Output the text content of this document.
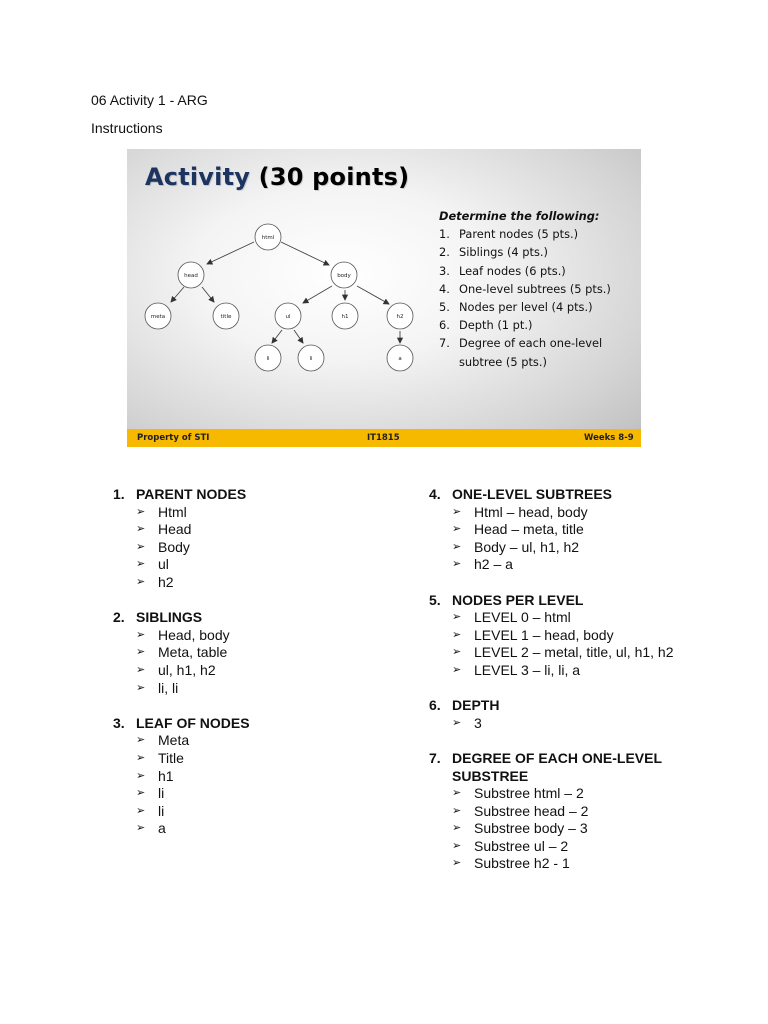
06 Activity 1 - ARG
Instructions
Activity (30 points)
html
head	body
meta	title	ul	h1	h2
li	li	a
Determine the following:
1. Parent nodes (5 pts.)
2. Siblings (4 pts.)
3. Leaf nodes (6 pts.)
4. One-level subtrees (5 pts.)
5. Nodes per level (4 pts.)
6. Depth (1 pt.)
7. Degree of each one-level subtree (5 pts.)
Property of STI	IT1815	Weeks 8-9
1. PARENT NODES
➢ Html
➢ Head
➢ Body
➢ ul
➢ h2
2. SIBLINGS
➢ Head, body
➢ Meta, table
➢ ul, h1, h2
➢ li, li
3. LEAF OF NODES
➢ Meta
➢ Title
➢ h1
➢ li
➢ li
➢ a
4. ONE-LEVEL SUBTREES
➢ Html – head, body
➢ Head – meta, title
➢ Body – ul, h1, h2
➢ h2 – a
5. NODES PER LEVEL
➢ LEVEL 0 – html
➢ LEVEL 1 – head, body
➢ LEVEL 2 – metal, title, ul, h1, h2
➢ LEVEL 3 – li, li, a
6. DEPTH
➢ 3
7. DEGREE OF EACH ONE-LEVEL SUBSTREE
➢ Substree html – 2
➢ Substree head – 2
➢ Substree body – 3
➢ Substree ul – 2
➢ Substree h2 - 1
